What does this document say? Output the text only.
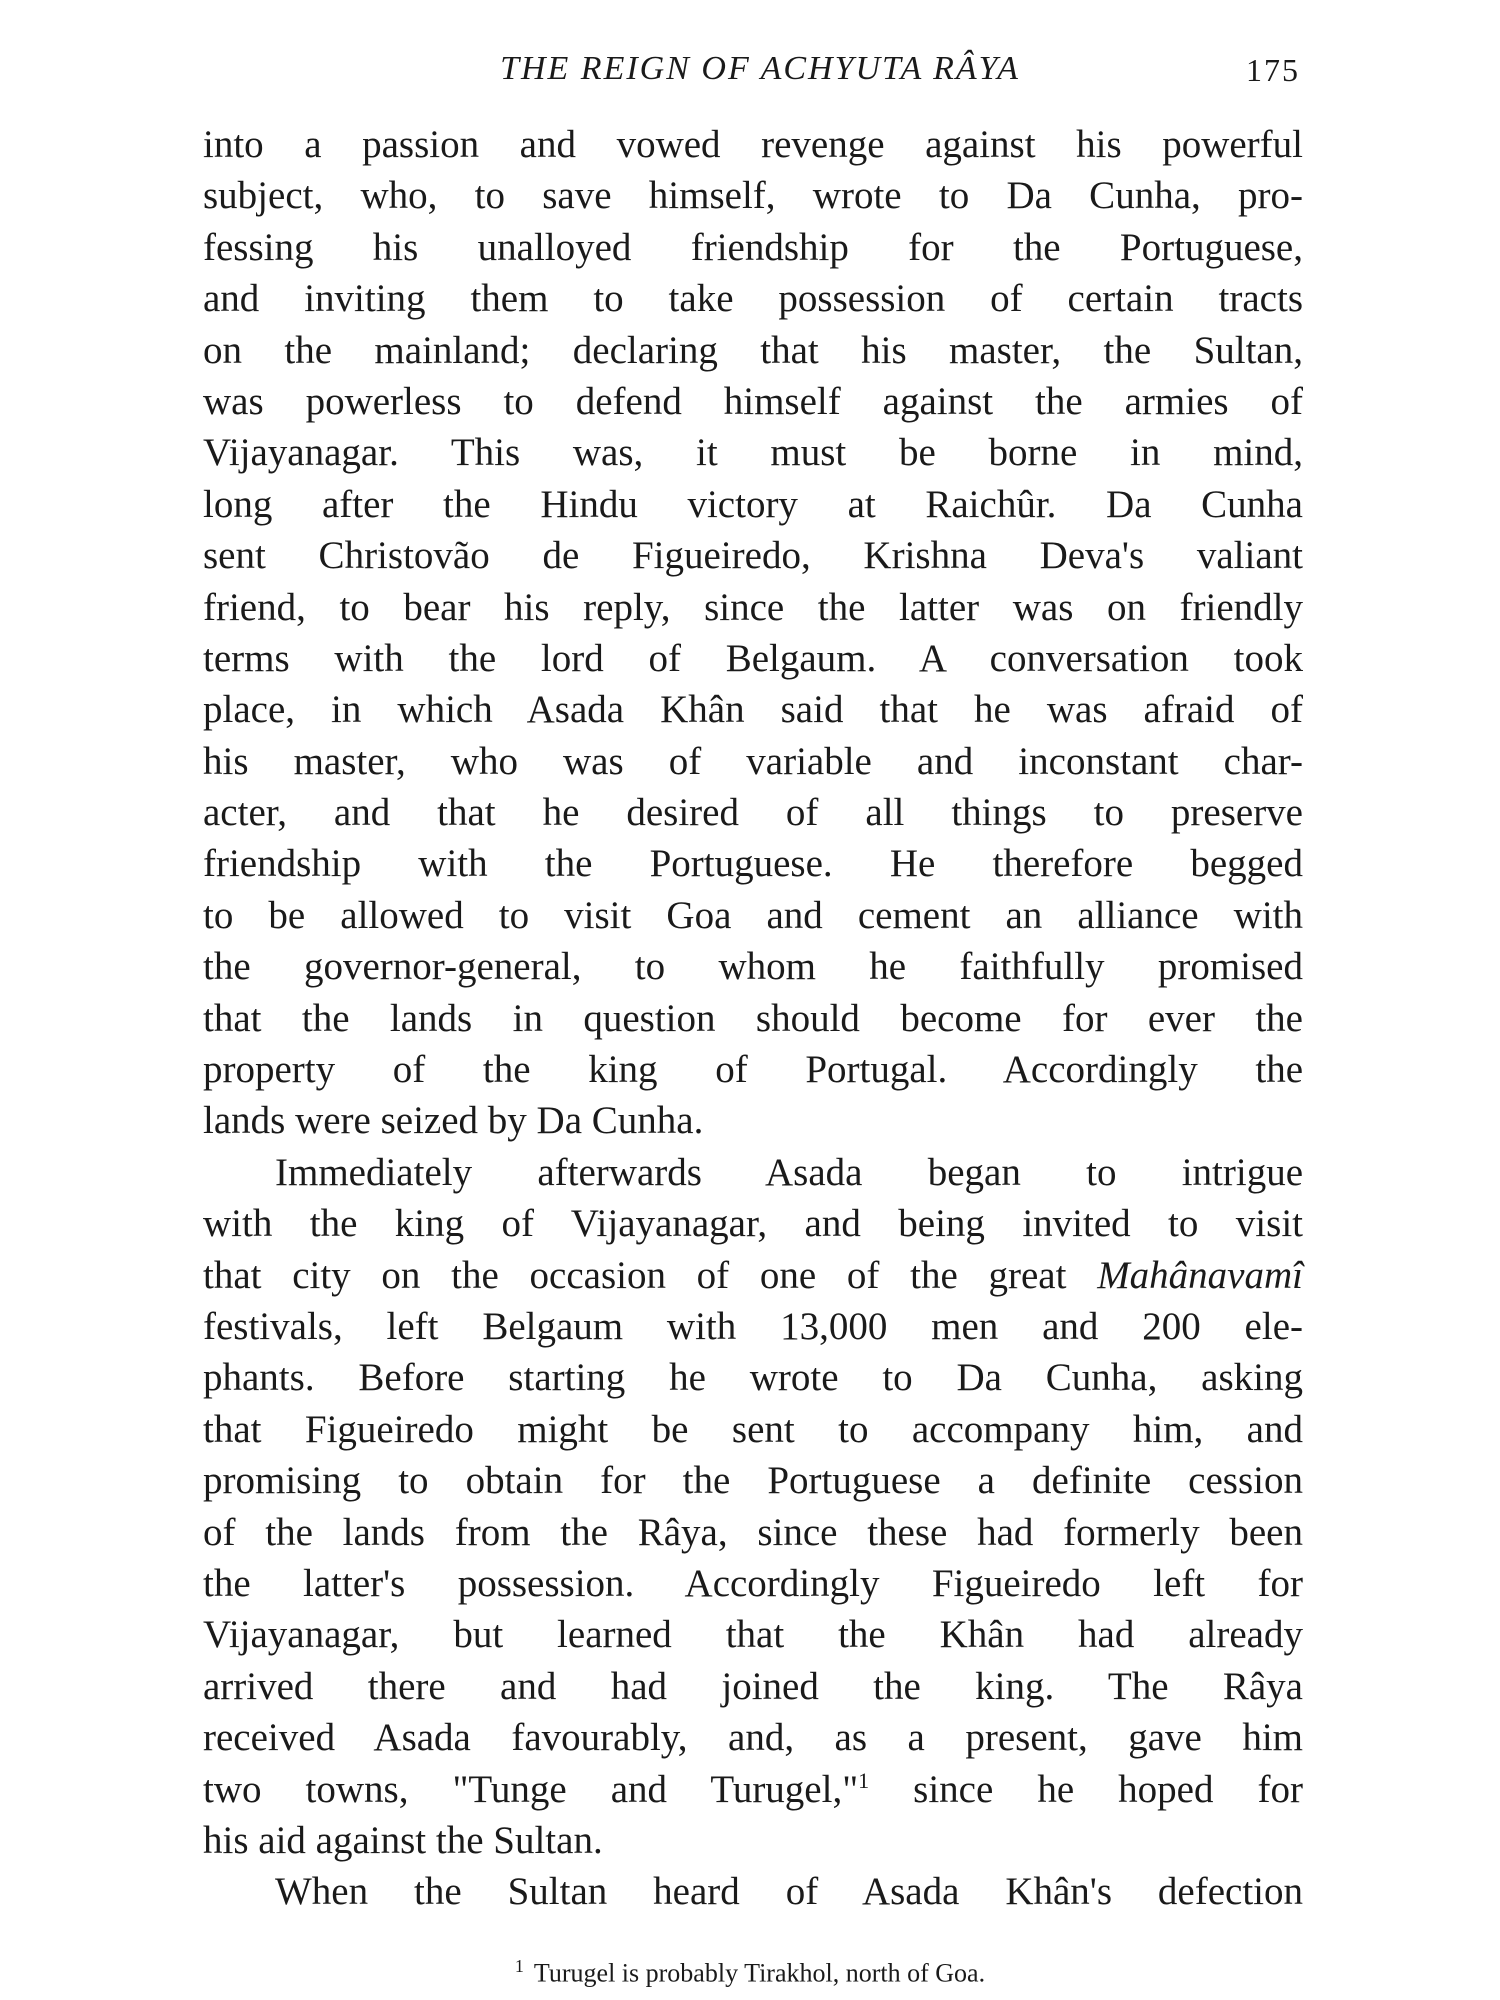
THE REIGN OF ACHYUTA RÂYA	175
into a passion and vowed revenge against his powerful
subject, who, to save himself, wrote to Da Cunha, pro-
fessing his unalloyed friendship for the Portuguese,
and inviting them to take possession of certain tracts
on the mainland; declaring that his master, the Sultan,
was powerless to defend himself against the armies of
Vijayanagar. This was, it must be borne in mind,
long after the Hindu victory at Raichûr. Da Cunha
sent Christovão de Figueiredo, Krishna Deva's valiant
friend, to bear his reply, since the latter was on friendly
terms with the lord of Belgaum. A conversation took
place, in which Asada Khân said that he was afraid of
his master, who was of variable and inconstant char-
acter, and that he desired of all things to preserve
friendship with the Portuguese. He therefore begged
to be allowed to visit Goa and cement an alliance with
the governor-general, to whom he faithfully promised
that the lands in question should become for ever the
property of the king of Portugal. Accordingly the
lands were seized by Da Cunha.
Immediately afterwards Asada began to intrigue
with the king of Vijayanagar, and being invited to visit
that city on the occasion of one of the great Mahânavamî
festivals, left Belgaum with 13,000 men and 200 ele-
phants. Before starting he wrote to Da Cunha, asking
that Figueiredo might be sent to accompany him, and
promising to obtain for the Portuguese a definite cession
of the lands from the Râya, since these had formerly been
the latter's possession. Accordingly Figueiredo left for
Vijayanagar, but learned that the Khân had already
arrived there and had joined the king. The Râya
received Asada favourably, and, as a present, gave him
two towns, "Tunge and Turugel,"$^1$ since he hoped for
his aid against the Sultan.
When the Sultan heard of Asada Khân's defection
$^1$ Turugel is probably Tirakhol, north of Goa.
